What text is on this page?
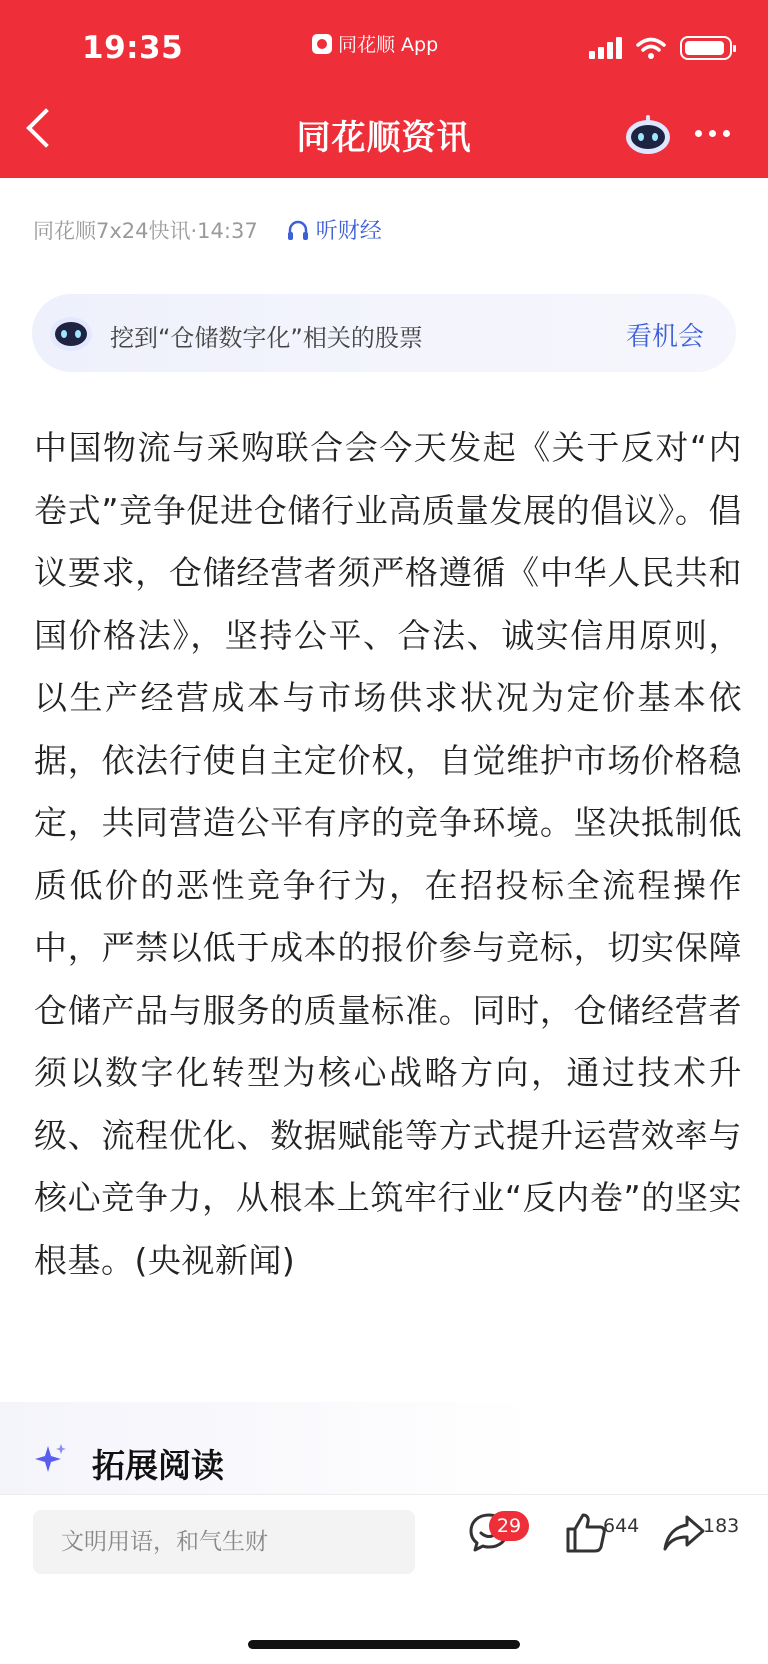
19:35	同花顺 App
同花顺资讯
同花顺7x24快讯·14:37	听财经
挖到“仓储数字化”相关的股票	看机会
中国物流与采购联合会今天发起《关于反对“内卷式”竞争促进仓储行业高质量发展的倡议》。倡议要求，仓储经营者须严格遵循《中华人民共和国价格法》，坚持公平、合法、诚实信用原则，以生产经营成本与市场供求状况为定价基本依据，依法行使自主定价权，自觉维护市场价格稳定，共同营造公平有序的竞争环境。坚决抵制低质低价的恶性竞争行为，在招投标全流程操作中，严禁以低于成本的报价参与竞标，切实保障仓储产品与服务的质量标准。同时，仓储经营者须以数字化转型为核心战略方向，通过技术升级、流程优化、数据赋能等方式提升运营效率与核心竞争力，从根本上筑牢行业“反内卷”的坚实根基。(央视新闻)
拓展阅读
文明用语，和气生财
29	644	183
